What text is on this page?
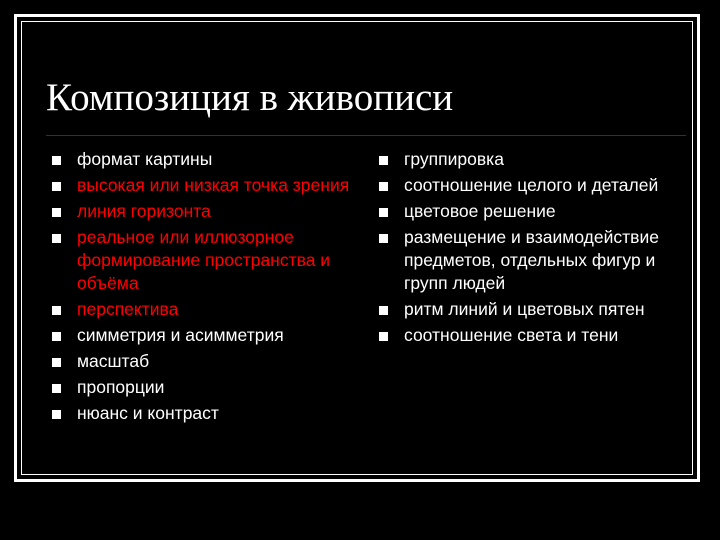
Композиция в живописи
формат картины
высокая или низкая точка зрения
линия горизонта
реальное или иллюзорное формирование пространства и объёма
перспектива
симметрия и асимметрия
масштаб
пропорции
нюанс и контраст
группировка
соотношение целого и деталей
цветовое решение
размещение и взаимодействие предметов, отдельных фигур и групп людей
ритм линий и цветовых пятен
соотношение света и тени
